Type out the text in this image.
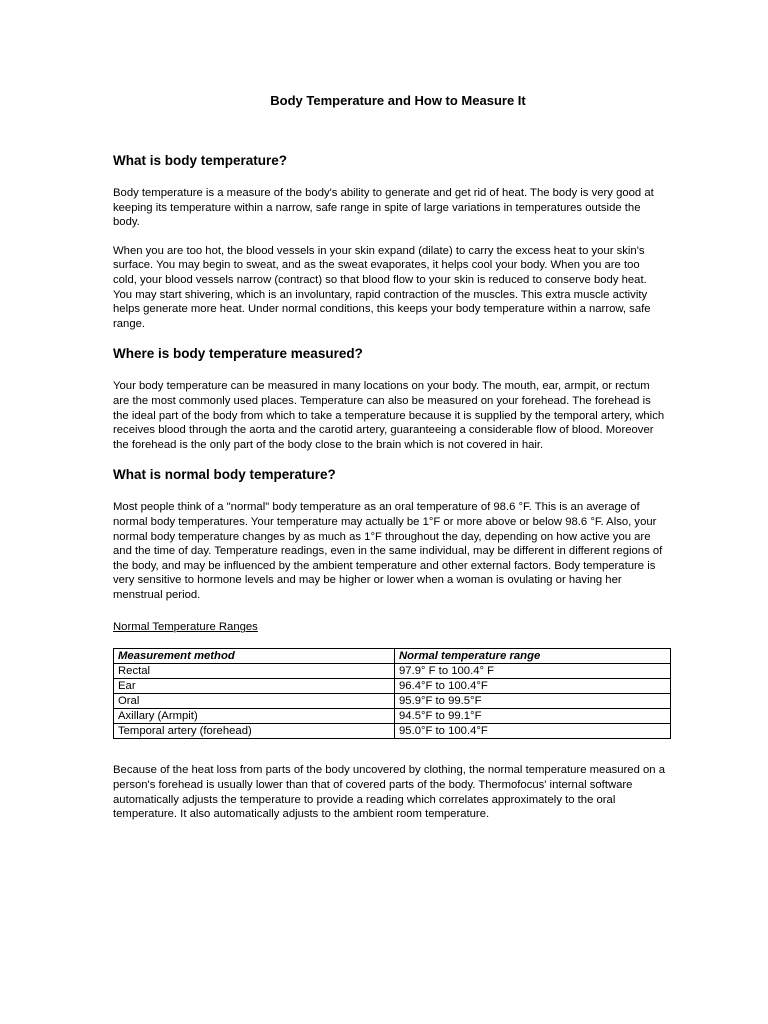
Body Temperature and How to Measure It
What is body temperature?

Body temperature is a measure of the body's ability to generate and get rid of heat. The body is very good at keeping its temperature within a narrow, safe range in spite of large variations in temperatures outside the body.

When you are too hot, the blood vessels in your skin expand (dilate) to carry the excess heat to your skin's surface. You may begin to sweat, and as the sweat evaporates, it helps cool your body. When you are too cold, your blood vessels narrow (contract) so that blood flow to your skin is reduced to conserve body heat. You may start shivering, which is an involuntary, rapid contraction of the muscles. This extra muscle activity helps generate more heat. Under normal conditions, this keeps your body temperature within a narrow, safe range.

Where is body temperature measured?

Your body temperature can be measured in many locations on your body. The mouth, ear, armpit, or rectum are the most commonly used places. Temperature can also be measured on your forehead. The forehead is the ideal part of the body from which to take a temperature because it is supplied by the temporal artery, which receives blood through the aorta and the carotid artery, guaranteeing a considerable flow of blood. Moreover the forehead is the only part of the body close to the brain which is not covered in hair.

What is normal body temperature?

Most people think of a "normal" body temperature as an oral temperature of 98.6 °F. This is an average of normal body temperatures. Your temperature may actually be 1°F or more above or below 98.6 °F. Also, your normal body temperature changes by as much as 1°F throughout the day, depending on how active you are and the time of day. Temperature readings, even in the same individual, may be different in different regions of the body, and may be influenced by the ambient temperature and other external factors. Body temperature is very sensitive to hormone levels and may be higher or lower when a woman is ovulating or having her menstrual period.

Normal Temperature Ranges
Measurement method	Normal temperature range
Rectal	97.9° F to 100.4° F
Ear	96.4°F to 100.4°F
Oral	95.9°F to 99.5°F
Axillary (Armpit)	94.5°F to 99.1°F
Temporal artery (forehead)	95.0°F to 100.4°F

Because of the heat loss from parts of the body uncovered by clothing, the normal temperature measured on a person's forehead is usually lower than that of covered parts of the body. Thermofocus' internal software automatically adjusts the temperature to provide a reading which correlates approximately to the oral temperature. It also automatically adjusts to the ambient room temperature.
